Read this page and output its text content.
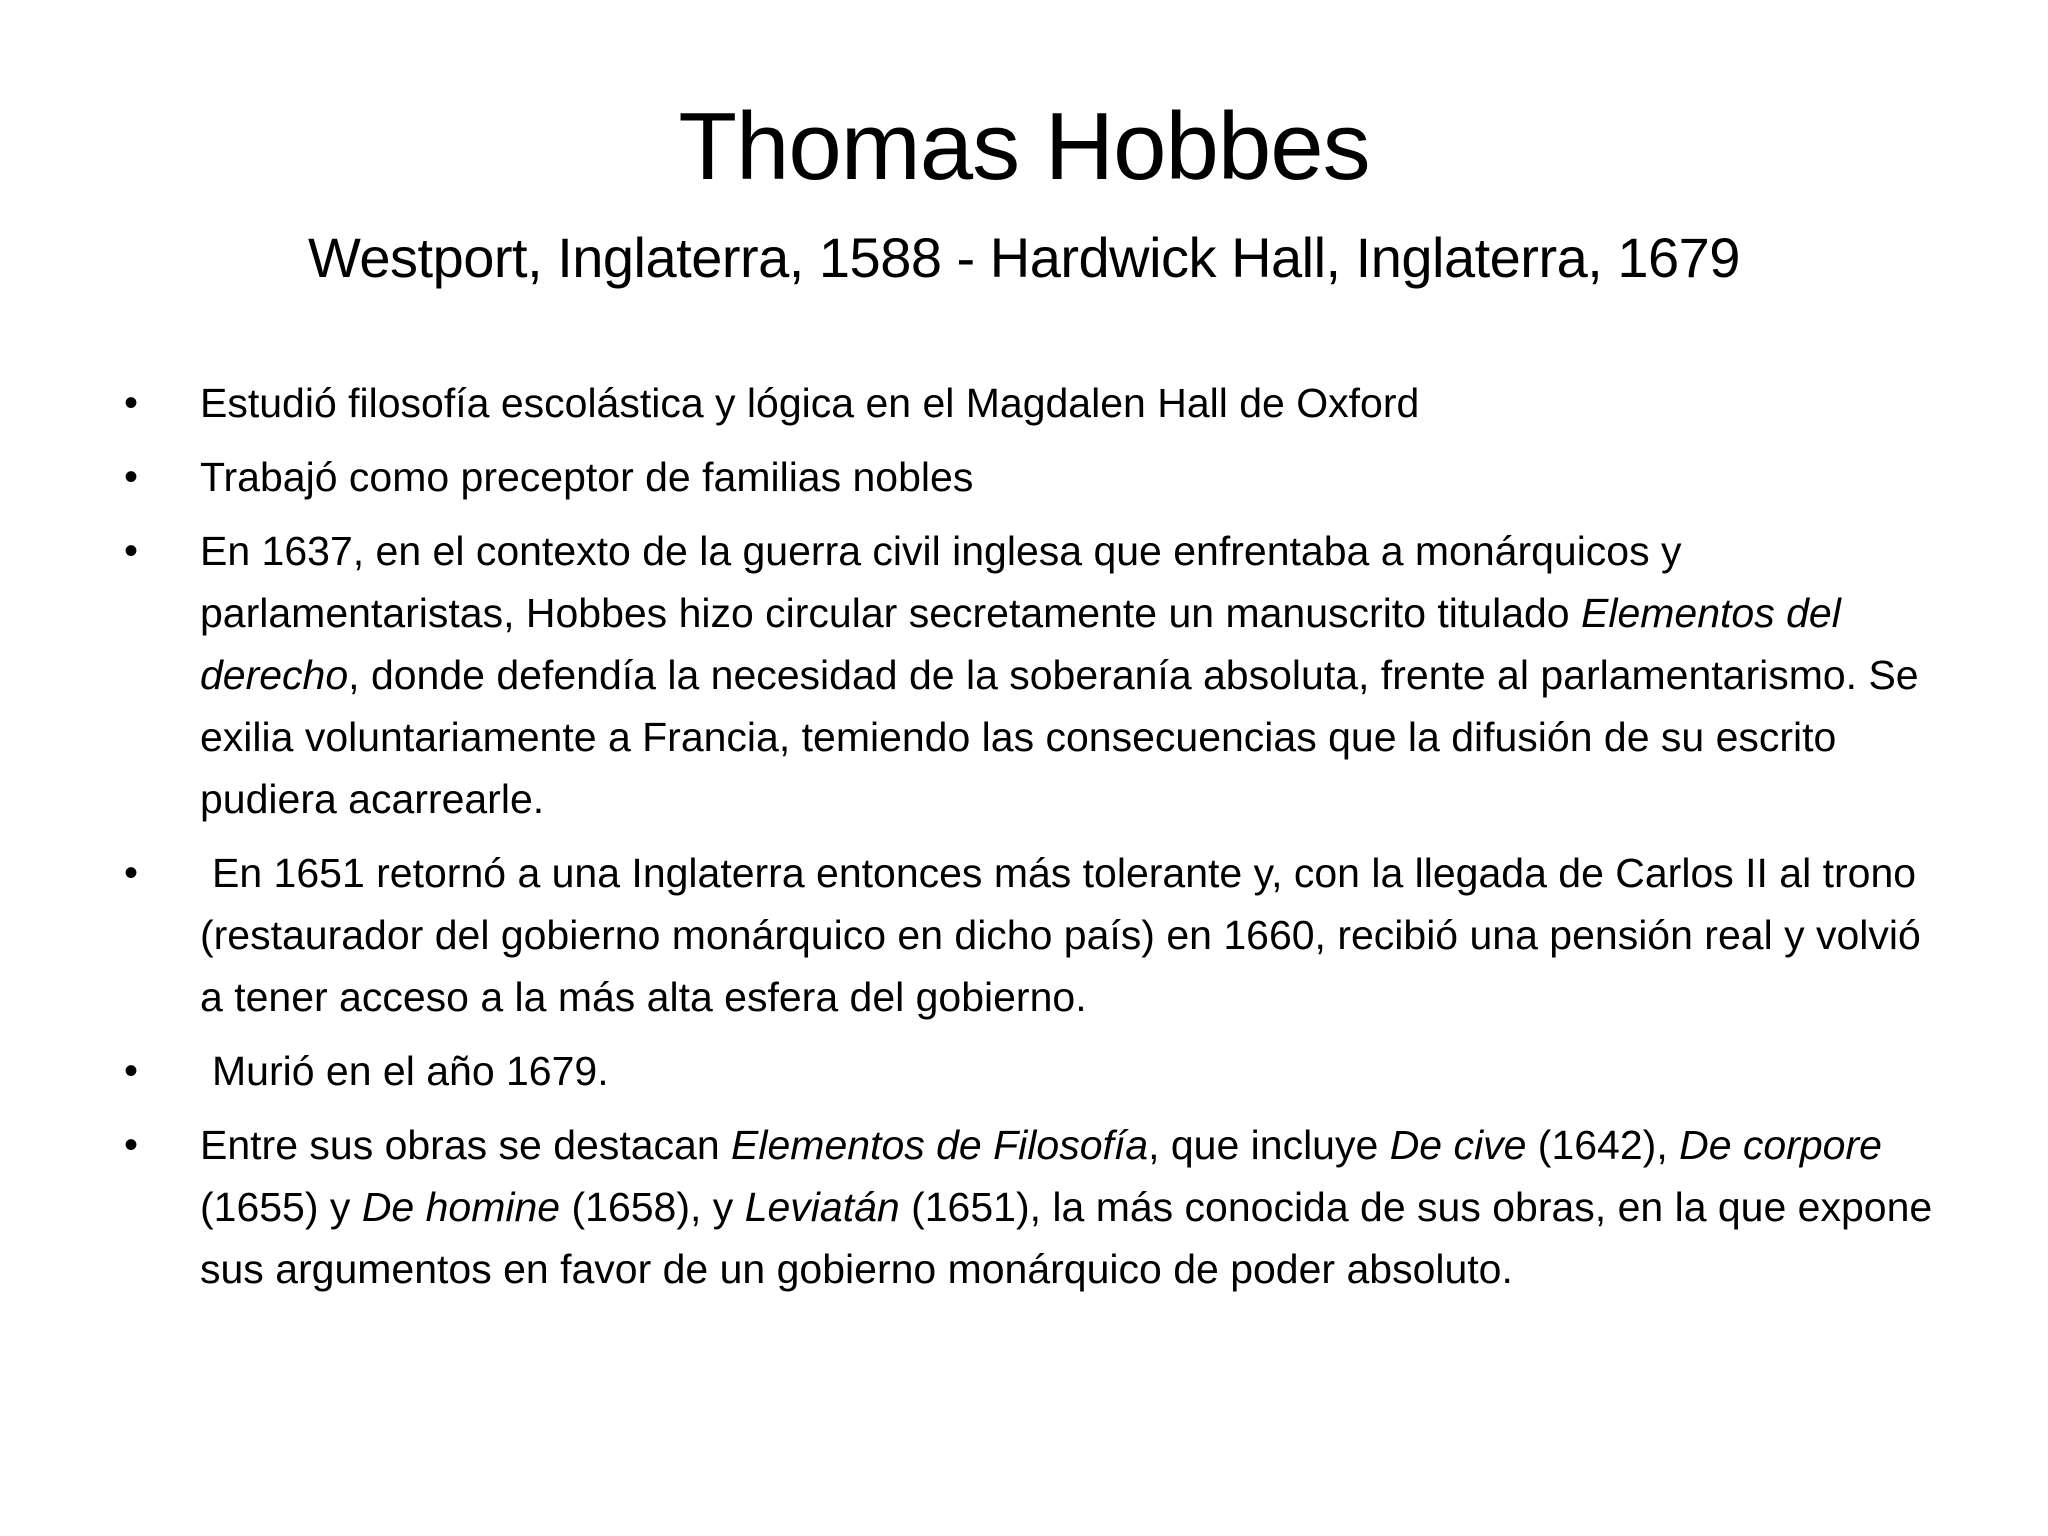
Thomas Hobbes
Westport, Inglaterra, 1588 - Hardwick Hall, Inglaterra, 1679
• Estudió filosofía escolástica y lógica en el Magdalen Hall de Oxford
• Trabajó como preceptor de familias nobles
• En 1637, en el contexto de la guerra civil inglesa que enfrentaba a monárquicos y parlamentaristas, Hobbes hizo circular secretamente un manuscrito titulado Elementos del derecho, donde defendía la necesidad de la soberanía absoluta, frente al parlamentarismo. Se exilia voluntariamente a Francia, temiendo las consecuencias que la difusión de su escrito pudiera acarrearle.
• En 1651 retornó a una Inglaterra entonces más tolerante y, con la llegada de Carlos II al trono (restaurador del gobierno monárquico en dicho país) en 1660, recibió una pensión real y volvió a tener acceso a la más alta esfera del gobierno.
• Murió en el año 1679.
• Entre sus obras se destacan Elementos de Filosofía, que incluye De cive (1642), De corpore (1655) y De homine (1658), y Leviatán (1651), la más conocida de sus obras, en la que expone sus argumentos en favor de un gobierno monárquico de poder absoluto.
